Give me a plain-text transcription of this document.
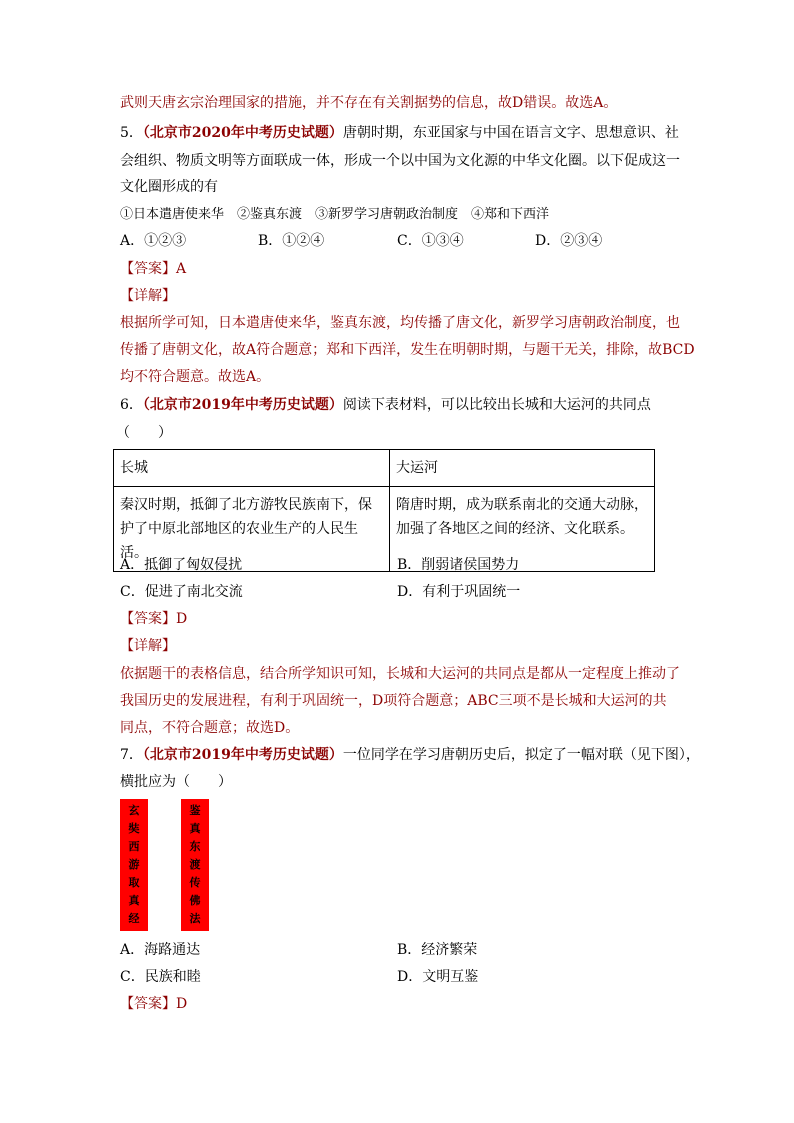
武则天唐玄宗治理国家的措施，并不存在有关割据势的信息，故D错误。故选A。
5．（北京市2020年中考历史试题）唐朝时期，东亚国家与中国在语言文字、思想意识、社
会组织、物质文明等方面联成一体，形成一个以中国为文化源的中华文化圈。以下促成这一
文化圈形成的有
①日本遣唐使来华　②鉴真东渡　③新罗学习唐朝政治制度　④郑和下西洋
A．①②③	B．①②④	C．①③④	D．②③④
【答案】A
【详解】
根据所学可知，日本遣唐使来华，鉴真东渡，均传播了唐文化，新罗学习唐朝政治制度，也
传播了唐朝文化，故A符合题意；郑和下西洋，发生在明朝时期，与题干无关，排除，故BCD
均不符合题意。故选A。
6．（北京市2019年中考历史试题）阅读下表材料，可以比较出长城和大运河的共同点
（　　）
长城	大运河
秦汉时期，抵御了北方游牧民族南下，保护了中原北部地区的农业生产的人民生活。	隋唐时期，成为联系南北的交通大动脉，加强了各地区之间的经济、文化联系。
A．抵御了匈奴侵扰	B．削弱诸侯国势力
C．促进了南北交流	D．有利于巩固统一
【答案】D
【详解】
依据题干的表格信息，结合所学知识可知，长城和大运河的共同点是都从一定程度上推动了
我国历史的发展进程，有利于巩固统一，D项符合题意；ABC三项不是长城和大运河的共
同点，不符合题意；故选D。
7．（北京市2019年中考历史试题）一位同学在学习唐朝历史后，拟定了一幅对联（见下图），
横批应为（　　）
玄
奘
西
游
取
真
经
鉴
真
东
渡
传
佛
法
A．海路通达	B．经济繁荣
C．民族和睦	D．文明互鉴
【答案】D
